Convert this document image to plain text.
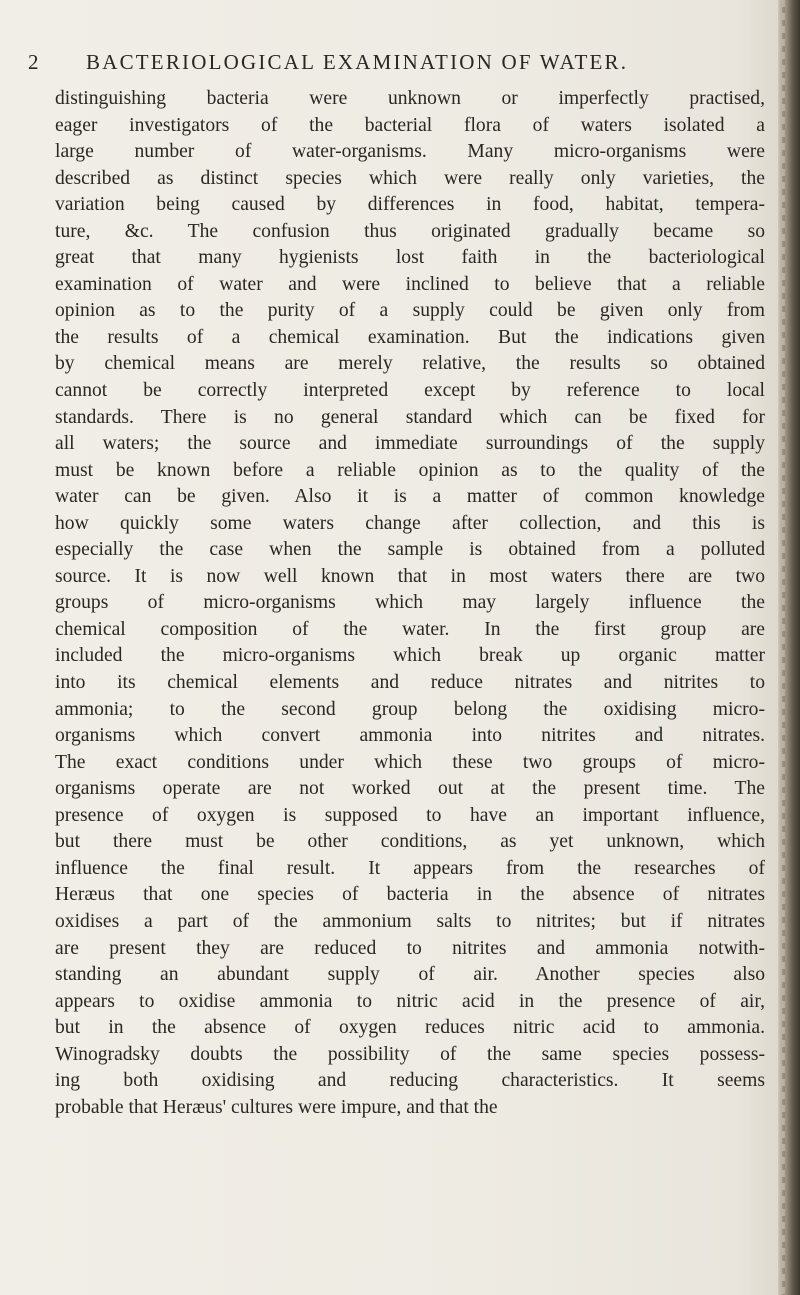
2 BACTERIOLOGICAL EXAMINATION OF WATER.
distinguishing bacteria were unknown or imperfectly practised,
eager investigators of the bacterial flora of waters isolated a
large number of water-organisms. Many micro-organisms were
described as distinct species which were really only varieties, the
variation being caused by differences in food, habitat, tempera-
ture, &c. The confusion thus originated gradually became so
great that many hygienists lost faith in the bacteriological
examination of water and were inclined to believe that a reliable
opinion as to the purity of a supply could be given only from
the results of a chemical examination. But the indications given
by chemical means are merely relative, the results so obtained
cannot be correctly interpreted except by reference to local
standards. There is no general standard which can be fixed for
all waters; the source and immediate surroundings of the supply
must be known before a reliable opinion as to the quality of the
water can be given. Also it is a matter of common knowledge
how quickly some waters change after collection, and this is
especially the case when the sample is obtained from a polluted
source. It is now well known that in most waters there are two
groups of micro-organisms which may largely influence the
chemical composition of the water. In the first group are
included the micro-organisms which break up organic matter
into its chemical elements and reduce nitrates and nitrites to
ammonia; to the second group belong the oxidising micro-
organisms which convert ammonia into nitrites and nitrates.
The exact conditions under which these two groups of micro-
organisms operate are not worked out at the present time. The
presence of oxygen is supposed to have an important influence,
but there must be other conditions, as yet unknown, which
influence the final result. It appears from the researches of
Heræus that one species of bacteria in the absence of nitrates
oxidises a part of the ammonium salts to nitrites; but if nitrates
are present they are reduced to nitrites and ammonia notwith-
standing an abundant supply of air. Another species also
appears to oxidise ammonia to nitric acid in the presence of air,
but in the absence of oxygen reduces nitric acid to ammonia.
Winogradsky doubts the possibility of the same species possess-
ing both oxidising and reducing characteristics. It seems
probable that Heræus' cultures were impure, and that the
